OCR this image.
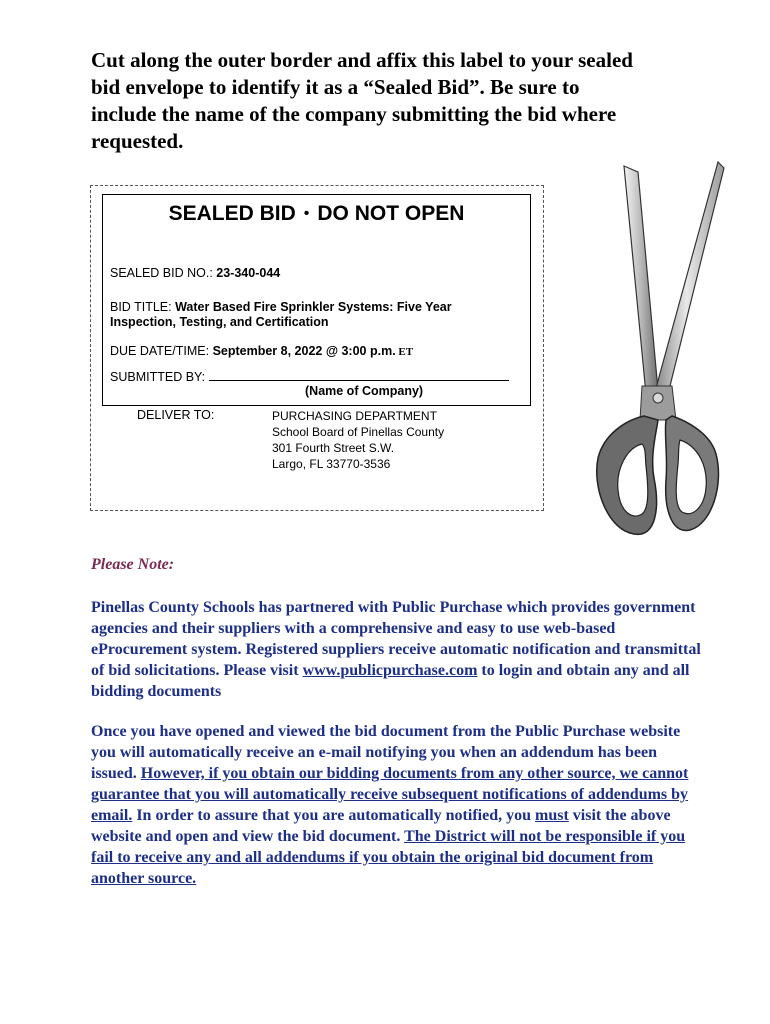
Cut along the outer border and affix this label to your sealed
bid envelope to identify it as a “Sealed Bid”. Be sure to
include the name of the company submitting the bid where
requested.
SEALED BID • DO NOT OPEN
SEALED BID NO.: 23-340-044
BID TITLE: Water Based Fire Sprinkler Systems: Five Year
Inspection, Testing, and Certification
DUE DATE/TIME: September 8, 2022 @ 3:00 p.m. ET
SUBMITTED BY:
(Name of Company)
DELIVER TO:	PURCHASING DEPARTMENT
School Board of Pinellas County
301 Fourth Street S.W.
Largo, FL 33770-3536
Please Note:

Pinellas County Schools has partnered with Public Purchase which provides government agencies and their suppliers with a comprehensive and easy to use web-based eProcurement system. Registered suppliers receive automatic notification and transmittal of bid solicitations. Please visit www.publicpurchase.com to login and obtain any and all bidding documents

Once you have opened and viewed the bid document from the Public Purchase website you will automatically receive an e-mail notifying you when an addendum has been issued. However, if you obtain our bidding documents from any other source, we cannot guarantee that you will automatically receive subsequent notifications of addendums by email. In order to assure that you are automatically notified, you must visit the above website and open and view the bid document. The District will not be responsible if you fail to receive any and all addendums if you obtain the original bid document from another source.
